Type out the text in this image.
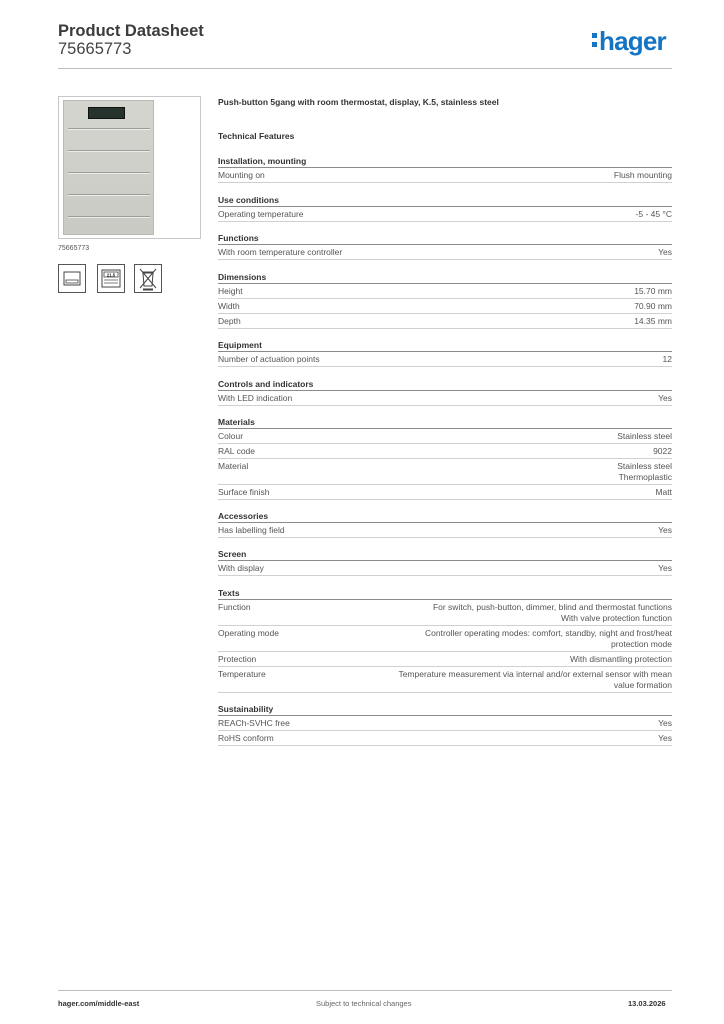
Product Datasheet
75665773	hager
75665773
21.5
Push-button 5gang with room thermostat, display, K.5, stainless steel
Technical Features
Installation, mounting
Mounting on	Flush mounting
Use conditions
Operating temperature	-5 - 45 °C
Functions
With room temperature controller	Yes
Dimensions
Height	15.70 mm
Width	70.90 mm
Depth	14.35 mm
Equipment
Number of actuation points	12
Controls and indicators
With LED indication	Yes
Materials
Colour	Stainless steel
RAL code	9022
Material	Stainless steel
Thermoplastic
Surface finish	Matt
Accessories
Has labelling field	Yes
Screen
With display	Yes
Texts
Function	For switch, push-button, dimmer, blind and thermostat functions
With valve protection function
Operating mode	Controller operating modes: comfort, standby, night and frost/heat
protection mode
Protection	With dismantling protection
Temperature	Temperature measurement via internal and/or external sensor with mean
value formation
Sustainability
REACh-SVHC free	Yes
RoHS conform	Yes
hager.com/middle-east	Subject to technical changes	13.03.2026
